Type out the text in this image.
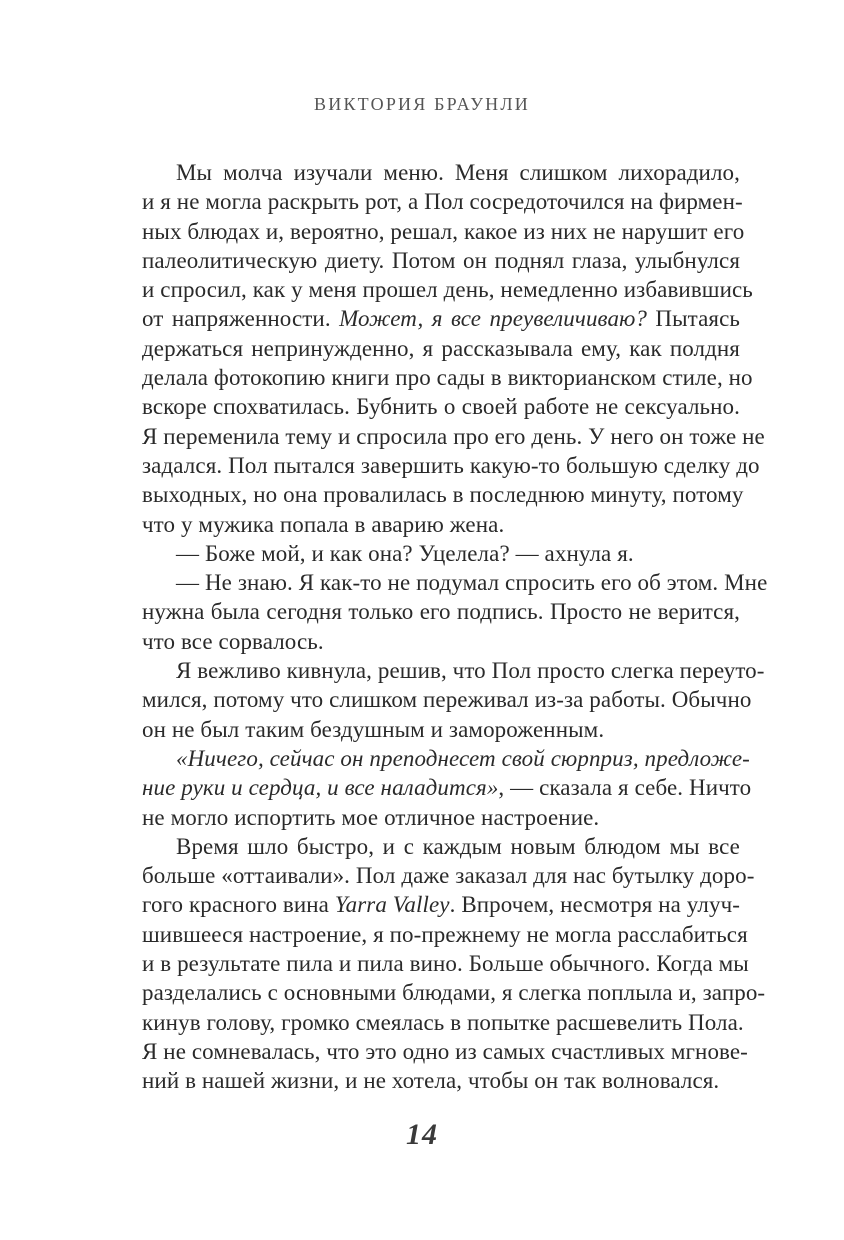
ВИКТОРИЯ БРАУНЛИ
Мы молча изучали меню. Меня слишком лихорадило,
и я не могла раскрыть рот, а Пол сосредоточился на фирмен-
ных блюдах и, вероятно, решал, какое из них не нарушит его
палеолитическую диету. Потом он поднял глаза, улыбнулся
и спросил, как у меня прошел день, немедленно избавившись
от напряженности. Может, я все преувеличиваю? Пытаясь
держаться непринужденно, я рассказывала ему, как полдня
делала фотокопию книги про сады в викторианском стиле, но
вскоре спохватилась. Бубнить о своей работе не сексуально.
Я переменила тему и спросила про его день. У него он тоже не
задался. Пол пытался завершить какую-то большую сделку до
выходных, но она провалилась в последнюю минуту, потому
что у мужика попала в аварию жена.
— Боже мой, и как она? Уцелела? — ахнула я.
— Не знаю. Я как-то не подумал спросить его об этом. Мне
нужна была сегодня только его подпись. Просто не верится,
что все сорвалось.
Я вежливо кивнула, решив, что Пол просто слегка переуто-
мился, потому что слишком переживал из-за работы. Обычно
он не был таким бездушным и замороженным.
«Ничего, сейчас он преподнесет свой сюрприз, предложе-
ние руки и сердца, и все наладится», — сказала я себе. Ничто
не могло испортить мое отличное настроение.
Время шло быстро, и с каждым новым блюдом мы все
больше «оттаивали». Пол даже заказал для нас бутылку доро-
гого красного вина Yarra Valley. Впрочем, несмотря на улуч-
шившееся настроение, я по-прежнему не могла расслабиться
и в результате пила и пила вино. Больше обычного. Когда мы
разделались с основными блюдами, я слегка поплыла и, запро-
кинув голову, громко смеялась в попытке расшевелить Пола.
Я не сомневалась, что это одно из самых счастливых мгнове-
ний в нашей жизни, и не хотела, чтобы он так волновался.
14
